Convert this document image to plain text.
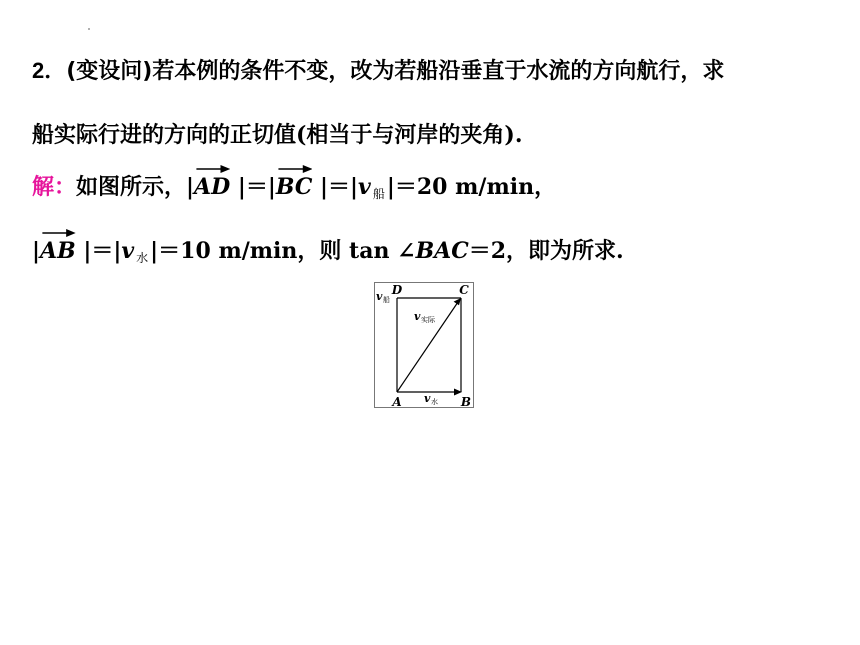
2．(变设问)若本例的条件不变，改为若船沿垂直于水流的方向航行，求
船实际行进的方向的正切值(相当于与河岸的夹角).
解：如图所示，|
AD |＝|
BC |＝|v 船|＝20 m/min，
|
AB |＝|v 水|＝10 m/min，则 tan ∠BAC＝2，即为所求.
A	B
C
D
v 船
v 实际
v 水
